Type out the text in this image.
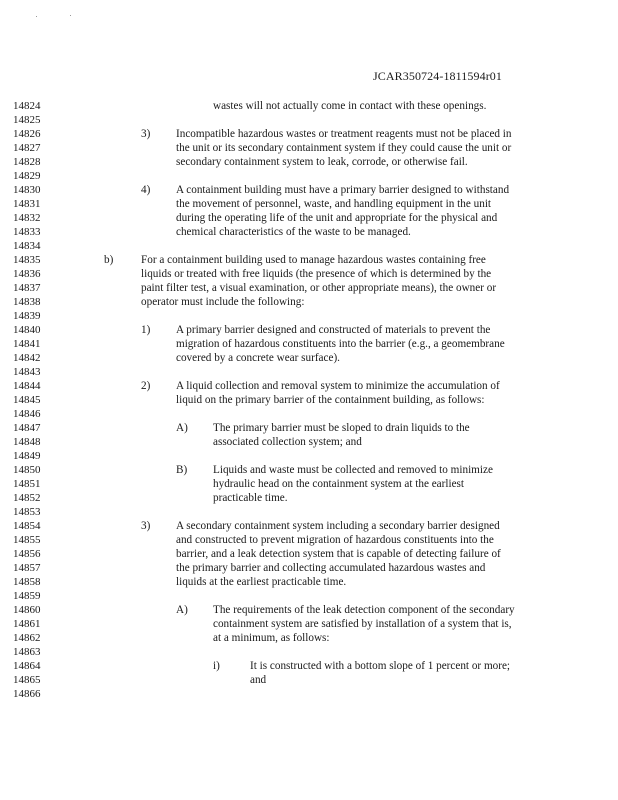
JCAR350724-1811594r01
14824
14825
14826
14827
14828
14829
14830
14831
14832
14833
14834
14835
14836
14837
14838
14839
14840
14841
14842
14843
14844
14845
14846
14847
14848
14849
14850
14851
14852
14853
14854
14855
14856
14857
14858
14859
14860
14861
14862
14863
14864
14865
14866
wastes will not actually come in contact with these openings.
3) Incompatible hazardous wastes or treatment reagents must not be placed in
the unit or its secondary containment system if they could cause the unit or
secondary containment system to leak, corrode, or otherwise fail.
4) A containment building must have a primary barrier designed to withstand
the movement of personnel, waste, and handling equipment in the unit
during the operating life of the unit and appropriate for the physical and
chemical characteristics of the waste to be managed.
b) For a containment building used to manage hazardous wastes containing free
liquids or treated with free liquids (the presence of which is determined by the
paint filter test, a visual examination, or other appropriate means), the owner or
operator must include the following:
1) A primary barrier designed and constructed of materials to prevent the
migration of hazardous constituents into the barrier (e.g., a geomembrane
covered by a concrete wear surface).
2) A liquid collection and removal system to minimize the accumulation of
liquid on the primary barrier of the containment building, as follows:
A) The primary barrier must be sloped to drain liquids to the
associated collection system; and
B) Liquids and waste must be collected and removed to minimize
hydraulic head on the containment system at the earliest
practicable time.
3) A secondary containment system including a secondary barrier designed
and constructed to prevent migration of hazardous constituents into the
barrier, and a leak detection system that is capable of detecting failure of
the primary barrier and collecting accumulated hazardous wastes and
liquids at the earliest practicable time.
A) The requirements of the leak detection component of the secondary
containment system are satisfied by installation of a system that is,
at a minimum, as follows:
i)	It is constructed with a bottom slope of 1 percent or more;
and
